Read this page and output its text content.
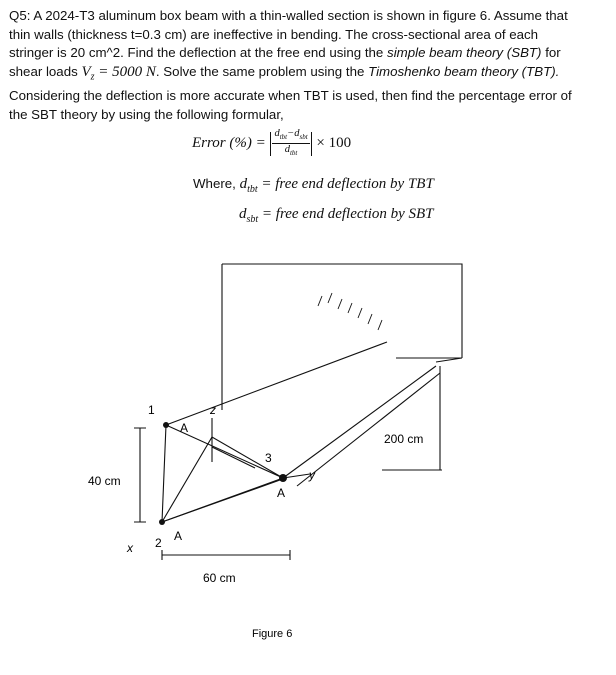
Q5: A 2024-T3 aluminum box beam with a thin-walled section is shown in figure 6. Assume that
thin walls (thickness t=0.3 cm) are ineffective in bending. The cross-sectional area of each
stringer is 20 cm^2. Find the deflection at the free end using the simple beam theory (SBT) for
shear loads $V_z = 5000$ N. Solve the same problem using the Timoshenko beam theory (TBT).
Considering the deflection is more accurate when TBT is used, then find the percentage error of
the SBT theory by using the following formular,
Error (%) = $\frac{d_{tbt}-d_{sbt}}{d_{tbt}} \times 100$
Where, $d_{tbt}$ = free end deflection by TBT
$d_{sbt}$ = free end deflection by SBT
1
2
3
A
A
A
z
y
x
40 cm
60 cm
200 cm
Figure 6
